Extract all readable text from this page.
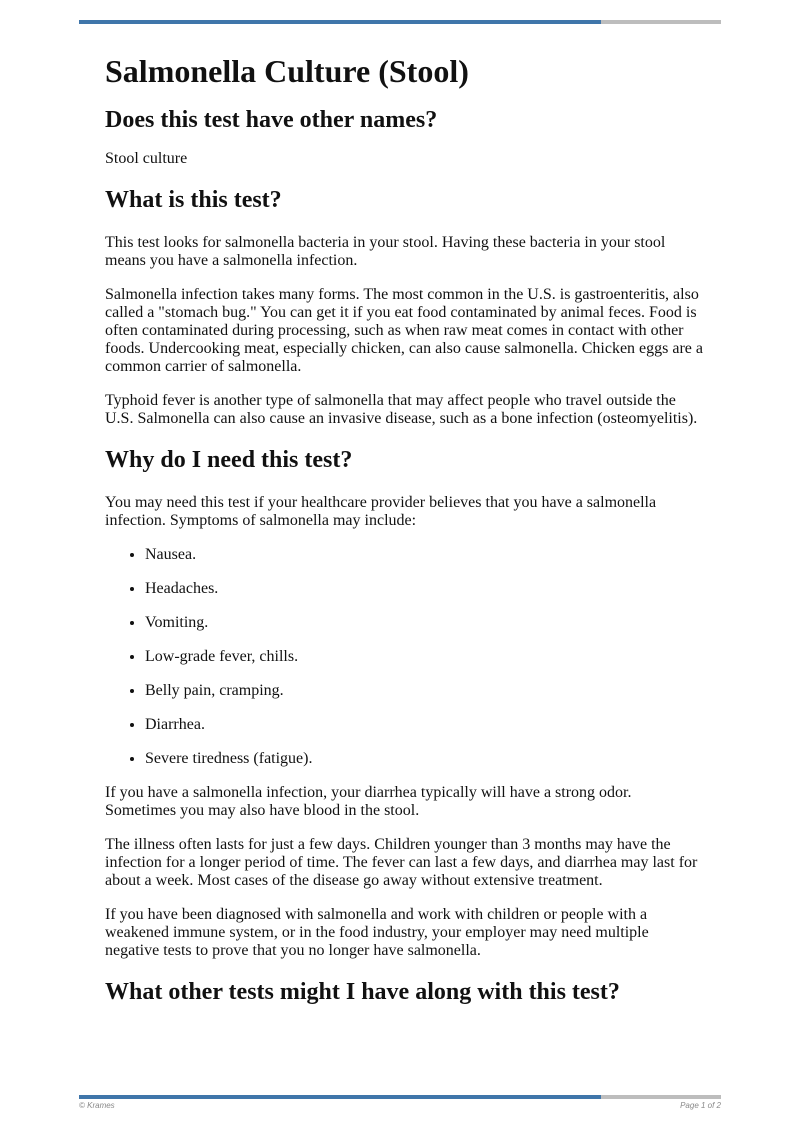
Salmonella Culture (Stool)
Does this test have other names?

Stool culture

What is this test?

This test looks for salmonella bacteria in your stool. Having these bacteria in your stool means you have a salmonella infection.

Salmonella infection takes many forms. The most common in the U.S. is gastroenteritis, also called a "stomach bug." You can get it if you eat food contaminated by animal feces. Food is often contaminated during processing, such as when raw meat comes in contact with other foods. Undercooking meat, especially chicken, can also cause salmonella. Chicken eggs are a common carrier of salmonella.

Typhoid fever is another type of salmonella that may affect people who travel outside the U.S. Salmonella can also cause an invasive disease, such as a bone infection (osteomyelitis).

Why do I need this test?

You may need this test if your healthcare provider believes that you have a salmonella infection. Symptoms of salmonella may include:

• Nausea.
• Headaches.
• Vomiting.
• Low-grade fever, chills.
• Belly pain, cramping.
• Diarrhea.
• Severe tiredness (fatigue).

If you have a salmonella infection, your diarrhea typically will have a strong odor. Sometimes you may also have blood in the stool.

The illness often lasts for just a few days. Children younger than 3 months may have the infection for a longer period of time. The fever can last a few days, and diarrhea may last for about a week. Most cases of the disease go away without extensive treatment.

If you have been diagnosed with salmonella and work with children or people with a weakened immune system, or in the food industry, your employer may need multiple negative tests to prove that you no longer have salmonella.

What other tests might I have along with this test?
© Krames	Page 1 of 2
